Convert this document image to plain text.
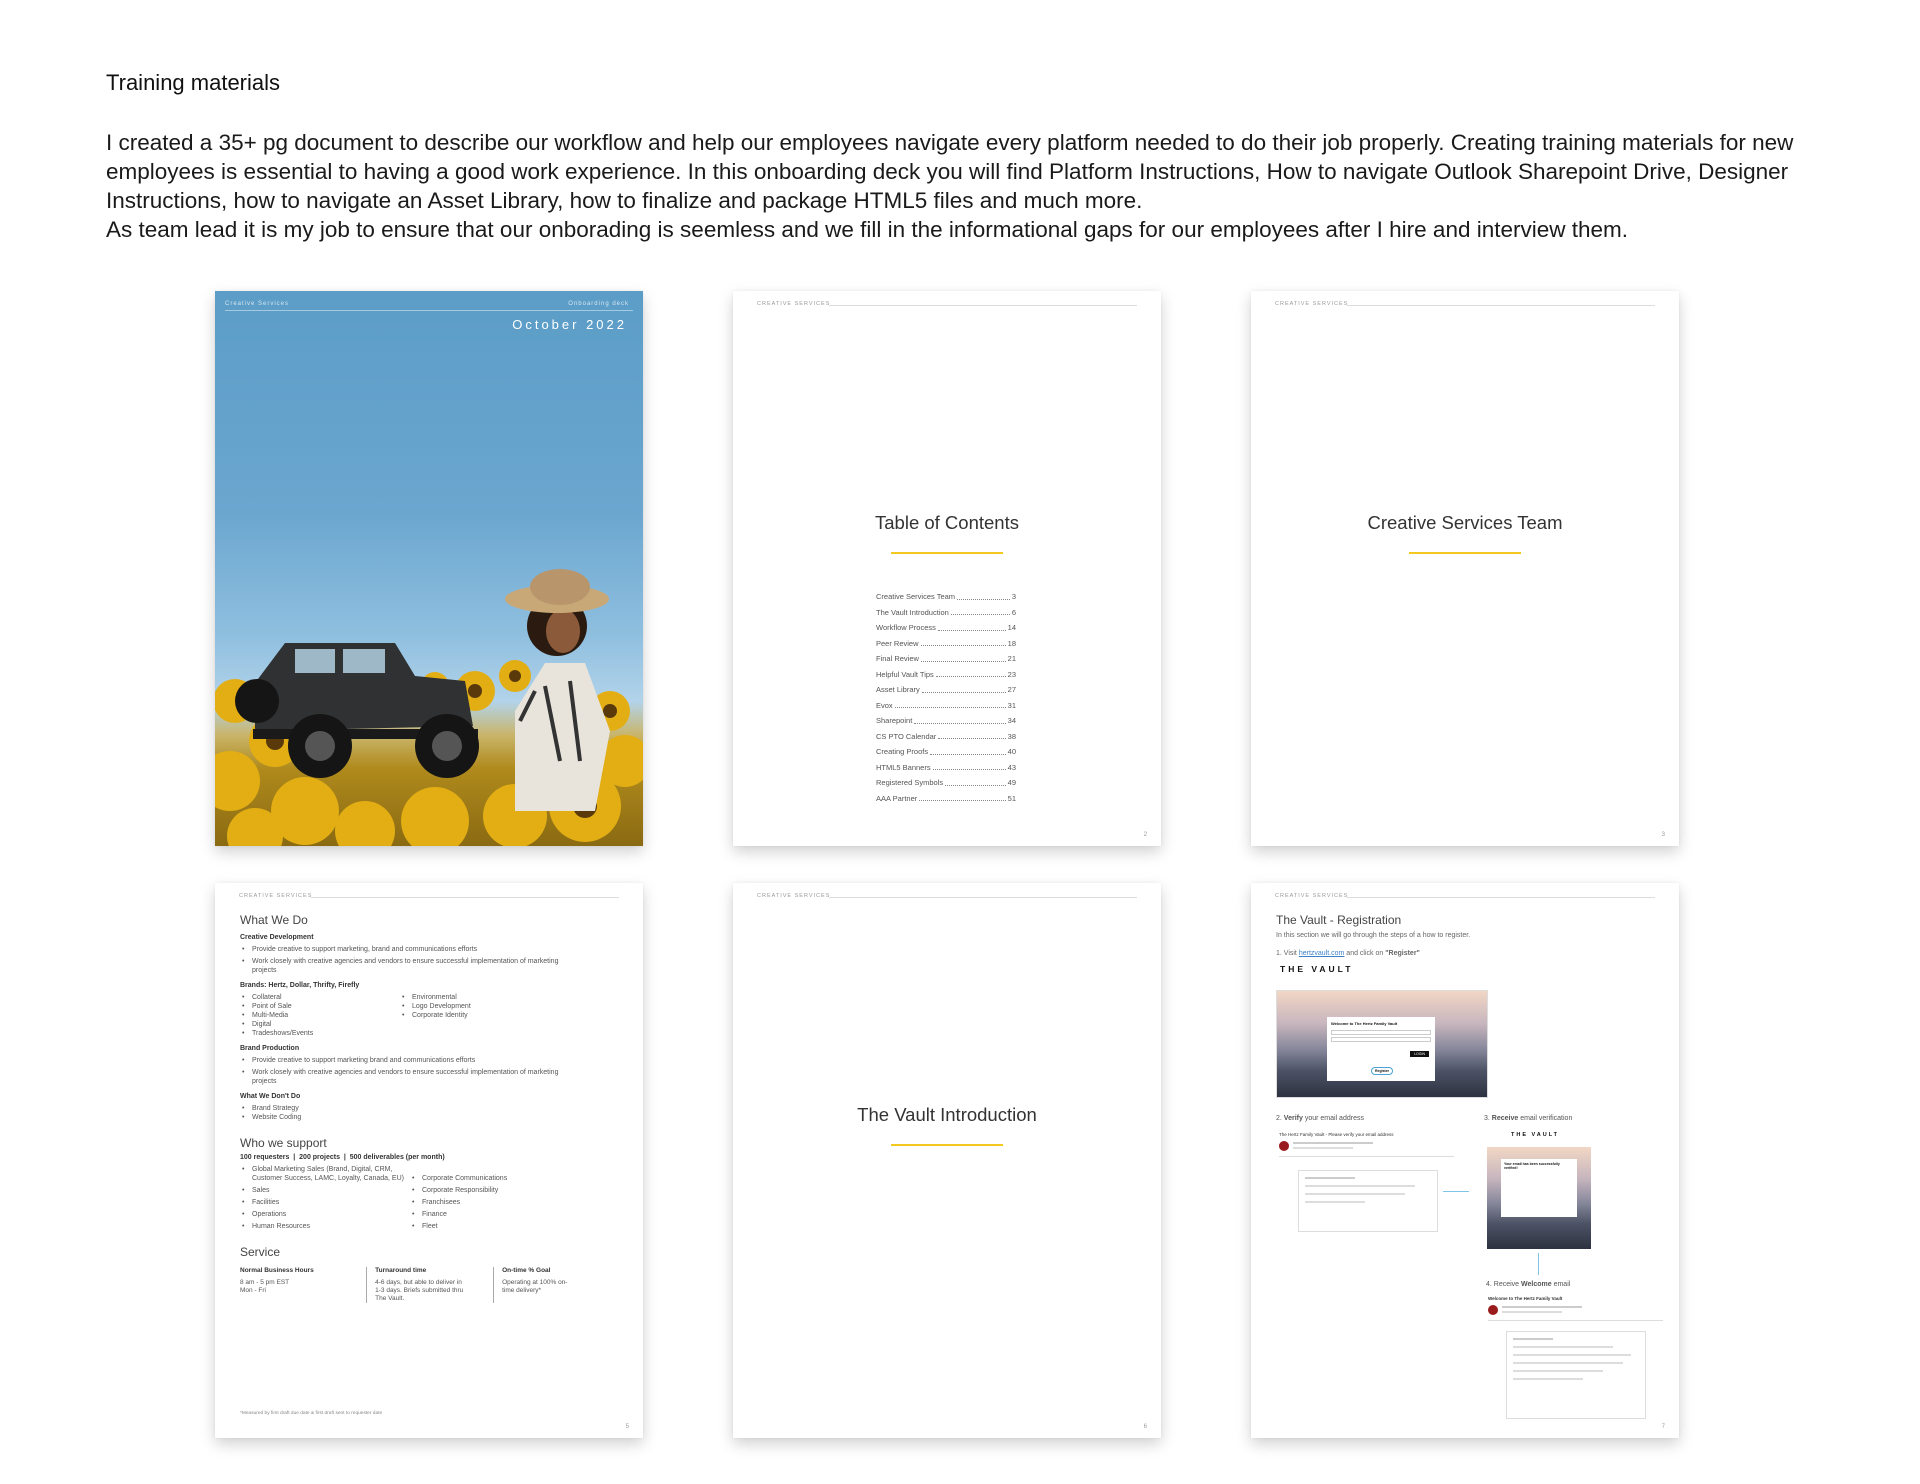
Training materials

I created a 35+ pg document to describe our workflow and help our employees navigate every platform needed to do their job properly. Creating training materials for new employees is essential to having a good work experience. In this onboarding deck you will find Platform Instructions, How to navigate Outlook Sharepoint Drive, Designer Instructions, how to navigate an Asset Library, how to finalize and package HTML5 files and much more.

As team lead it is my job to ensure that our onborading is seemless and we fill in the informational gaps for our employees after I hire and interview them.

Creative Services	Onboarding deck
October 2022
CREATIVE SERVICES
Table of Contents
Creative Services Team	3
The Vault Introduction	6
Workflow Process	14
Peer Review	18
Final Review	21
Helpful Vault Tips	23
Asset Library	27
Evox	31
Sharepoint	34
CS PTO Calendar	38
Creating Proofs	40
HTML5 Banners	43
Registered Symbols	49
AAA Partner	51
2
CREATIVE SERVICES
Creative Services Team
3
CREATIVE SERVICES
What We Do
Creative Development
• Provide creative to support marketing, brand and communications efforts
• Work closely with creative agencies and vendors to ensure successful implementation of marketing projects
Brands: Hertz, Dollar, Thrifty, Firefly
• Collateral
• Point of Sale
• Multi-Media
• Digital
• Tradeshows/Events
• Environmental
• Logo Development
• Corporate Identity
Brand Production
• Provide creative to support marketing brand and communications efforts
• Work closely with creative agencies and vendors to ensure successful implementation of marketing projects
What We Don't Do
• Brand Strategy
• Website Coding
Who we support
100 requesters  |  200 projects  |  500 deliverables (per month)
• Global Marketing Sales (Brand, Digital, CRM, Customer Success, LAMC, Loyalty, Canada, EU)
• Sales
• Facilities
• Operations
• Human Resources
• Corporate Communications
• Corporate Responsibility
• Franchisees
• Finance
• Fleet
Service
Normal Business Hours
8 am - 5 pm EST
Mon - Fri
Turnaround time
4-6 days, but able to deliver in 1-3 days. Briefs submitted thru The Vault.
On-time % Goal
Operating at 100% on-time delivery*
*Measured by first draft due date & first draft sent to requester date
5
CREATIVE SERVICES
The Vault Introduction
6
CREATIVE SERVICES
The Vault - Registration
In this section we will go through the steps of a how to register.
1. Visit hertzvault.com and click on "Register"
THE VAULT
Welcome to The Hertz Family Vault
LOGIN
Register
2. Verify your email address
The Hertz Family Vault - Please verify your email address
3. Receive email verification
THE VAULT
Your email has been successfully verified!
4. Receive Welcome email
Welcome to The Hertz Family Vault
7
